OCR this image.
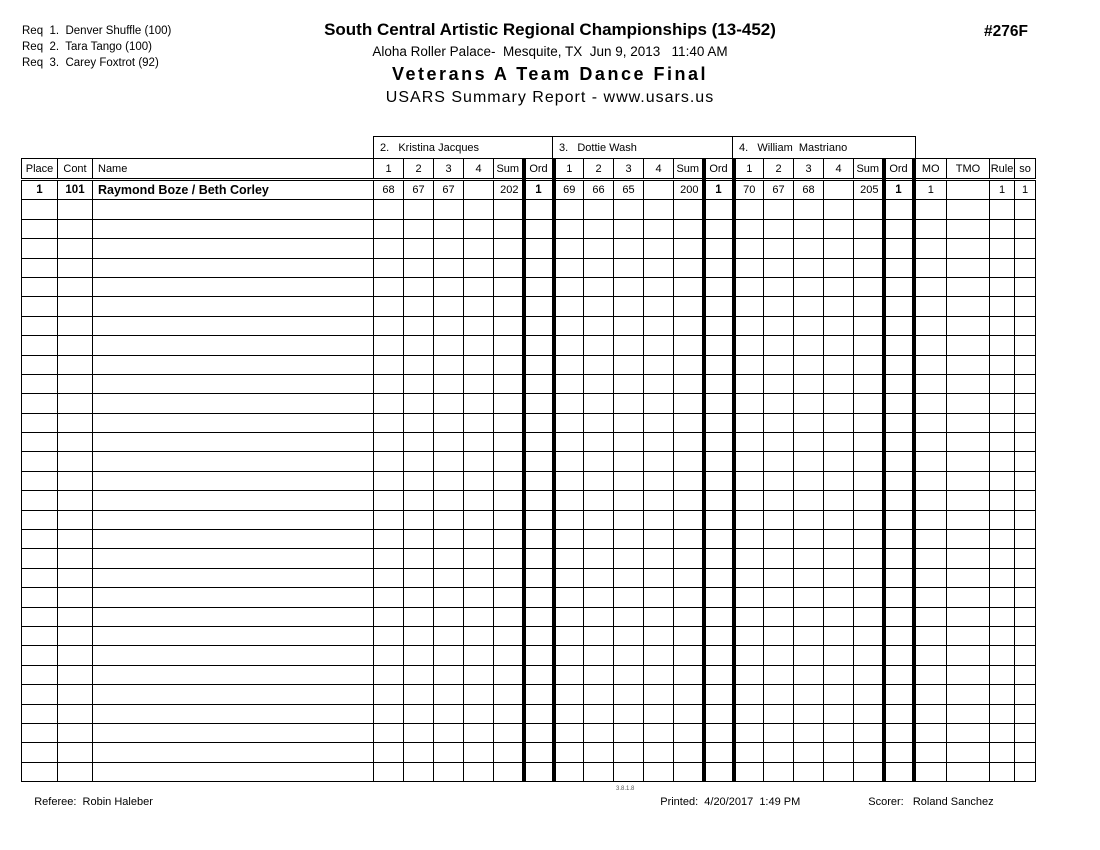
Req  1.  Denver Shuffle (100)
Req  2.  Tara Tango (100)
Req  3.  Carey Foxtrot (92)
South Central Artistic Regional Championships (13-452)
Aloha Roller Palace-  Mesquite, TX  Jun 9, 2013   11:40 AM
Veterans A Team Dance Final
USARS Summary Report - www.usars.us
#276F
2.   Kristina Jacques	3.   Dottie Wash	4.   William  Mastriano
Place	Cont	Name	1	2	3	4	Sum	Ord	1	2	3	4	Sum	Ord	1	2	3	4	Sum	Ord	MO	TMO	Rule	so
1	101	Raymond Boze / Beth Corley	68	67	67		202	1	69	66	65		200	1	70	67	68		205	1	1		1	1

Referee:  Robin Haleber

3.8.1.8

Printed:  4/20/2017  1:49 PM
	Scorer:   Roland Sanchez
